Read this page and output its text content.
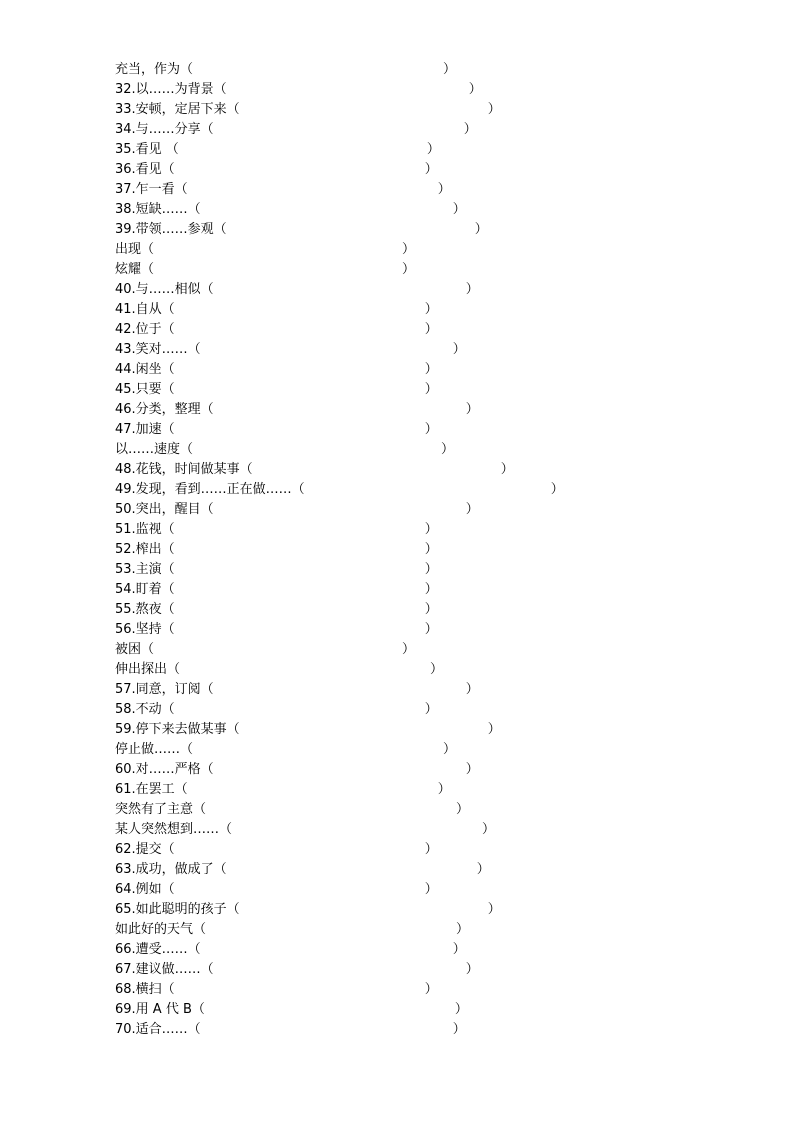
充当，作为（	）
32.以……为背景（	）
33.安顿，定居下来（	）
34.与……分享（	）
35.看见 （	）
36.看见（	）
37.乍一看（	）
38.短缺……（	）
39.带领……参观（	）
出现（	）
炫耀（	）
40.与……相似（	）
41.自从（	）
42.位于（	）
43.笑对……（	）
44.闲坐（	）
45.只要（	）
46.分类，整理（	）
47.加速（	）
以……速度（	）
48.花钱，时间做某事（	）
49.发现，看到……正在做……（	）
50.突出，醒目（	）
51.监视（	）
52.榨出（	）
53.主演（	）
54.盯着（	）
55.熬夜（	）
56.坚持（	）
被困（	）
伸出探出（	）
57.同意，订阅（	）
58.不动（	）
59.停下来去做某事（	）
停止做……（	）
60.对……严格（	）
61.在罢工（	）
突然有了主意（	）
某人突然想到……（	）
62.提交（	）
63.成功，做成了（	）
64.例如（	）
65.如此聪明的孩子（	）
如此好的天气（	）
66.遭受……（	）
67.建议做……（	）
68.横扫（	）
69.用 A 代 B（	）
70.适合……（	）
